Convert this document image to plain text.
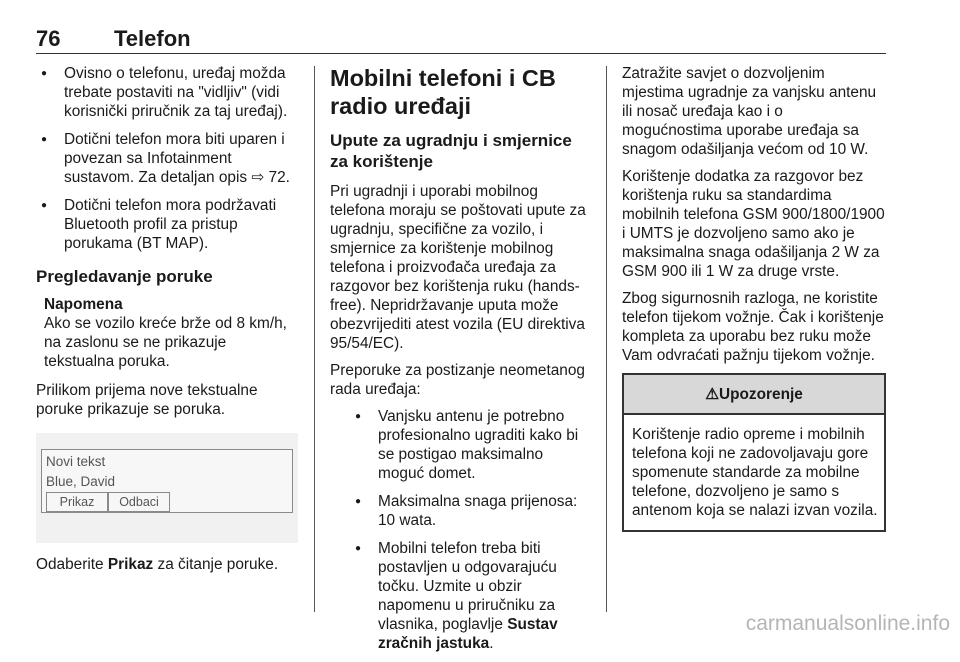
76 Telefon
● Ovisno o telefonu, uređaj možda trebate postaviti na "vidljiv" (vidi korisnički priručnik za taj uređaj).
● Dotični telefon mora biti uparen i povezan sa Infotainment sustavom. Za detaljan opis ⇨ 72.
● Dotični telefon mora podržavati Bluetooth profil za pristup porukama (BT MAP).
Pregledavanje poruke
Napomena
Ako se vozilo kreće brže od 8 km/h, na zaslonu se ne prikazuje tekstualna poruka.

Prilikom prijema nove tekstualne poruke prikazuje se poruka.

Novi tekst
Blue, David
Prikaz	Odbaci

Odaberite Prikaz za čitanje poruke.

Mobilni telefoni i CB radio uređaji
Upute za ugradnju i smjernice za korištenje

Pri ugradnji i uporabi mobilnog telefona moraju se poštovati upute za ugradnju, specifične za vozilo, i smjernice za korištenje mobilnog telefona i proizvođača uređaja za razgovor bez korištenja ruku (hands-free). Nepridržavanje uputa može obezvrijediti atest vozila (EU direktiva 95/54/EC).

Preporuke za postizanje neometanog rada uređaja:

● Vanjsku antenu je potrebno profesionalno ugraditi kako bi se postigao maksimalno moguć domet.
● Maksimalna snaga prijenosa: 10 wata.
● Mobilni telefon treba biti postavljen u odgovarajuću točku. Uzmite u obzir napomenu u priručniku za vlasnika, poglavlje Sustav zračnih jastuka.

Zatražite savjet o dozvoljenim mjestima ugradnje za vanjsku antenu ili nosač uređaja kao i o mogućnostima uporabe uređaja sa snagom odašiljanja većom od 10 W.

Korištenje dodatka za razgovor bez korištenja ruku sa standardima mobilnih telefona GSM 900/1800/1900 i UMTS je dozvoljeno samo ako je maksimalna snaga odašiljanja 2 W za GSM 900 ili 1 W za druge vrste.

Zbog sigurnosnih razloga, ne koristite telefon tijekom vožnje. Čak i korištenje kompleta za uporabu bez ruku može Vam odvraćati pažnju tijekom vožnje.

⚠Upozorenje
Korištenje radio opreme i mobilnih telefona koji ne zadovoljavaju gore spomenute standarde za mobilne telefone, dozvoljeno je samo s antenom koja se nalazi izvan vozila.
carmanualsonline.info
